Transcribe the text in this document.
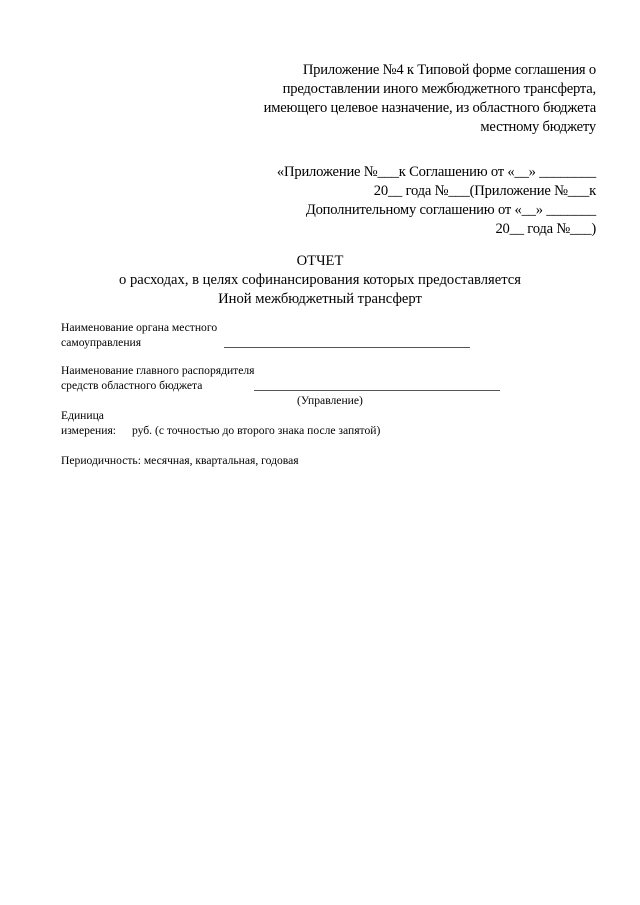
Приложение №4 к Типовой форме соглашения о
предоставлении иного межбюджетного трансферта,
имеющего целевое назначение, из областного бюджета
местному бюджету
«Приложение №___к Соглашению от «__» ________
20__ года №___(Приложение №___к
Дополнительному соглашению от «__» _______
20__ года №___)
ОТЧЕТ
о расходах, в целях софинансирования которых предоставляется
Иной межбюджетный трансферт
Наименование органа местного
самоуправления
Наименование главного распорядителя
средств областного бюджета
(Управление)
Единица
измерения: руб. (с точностью до второго знака после запятой)
Периодичность: месячная, квартальная, годовая
